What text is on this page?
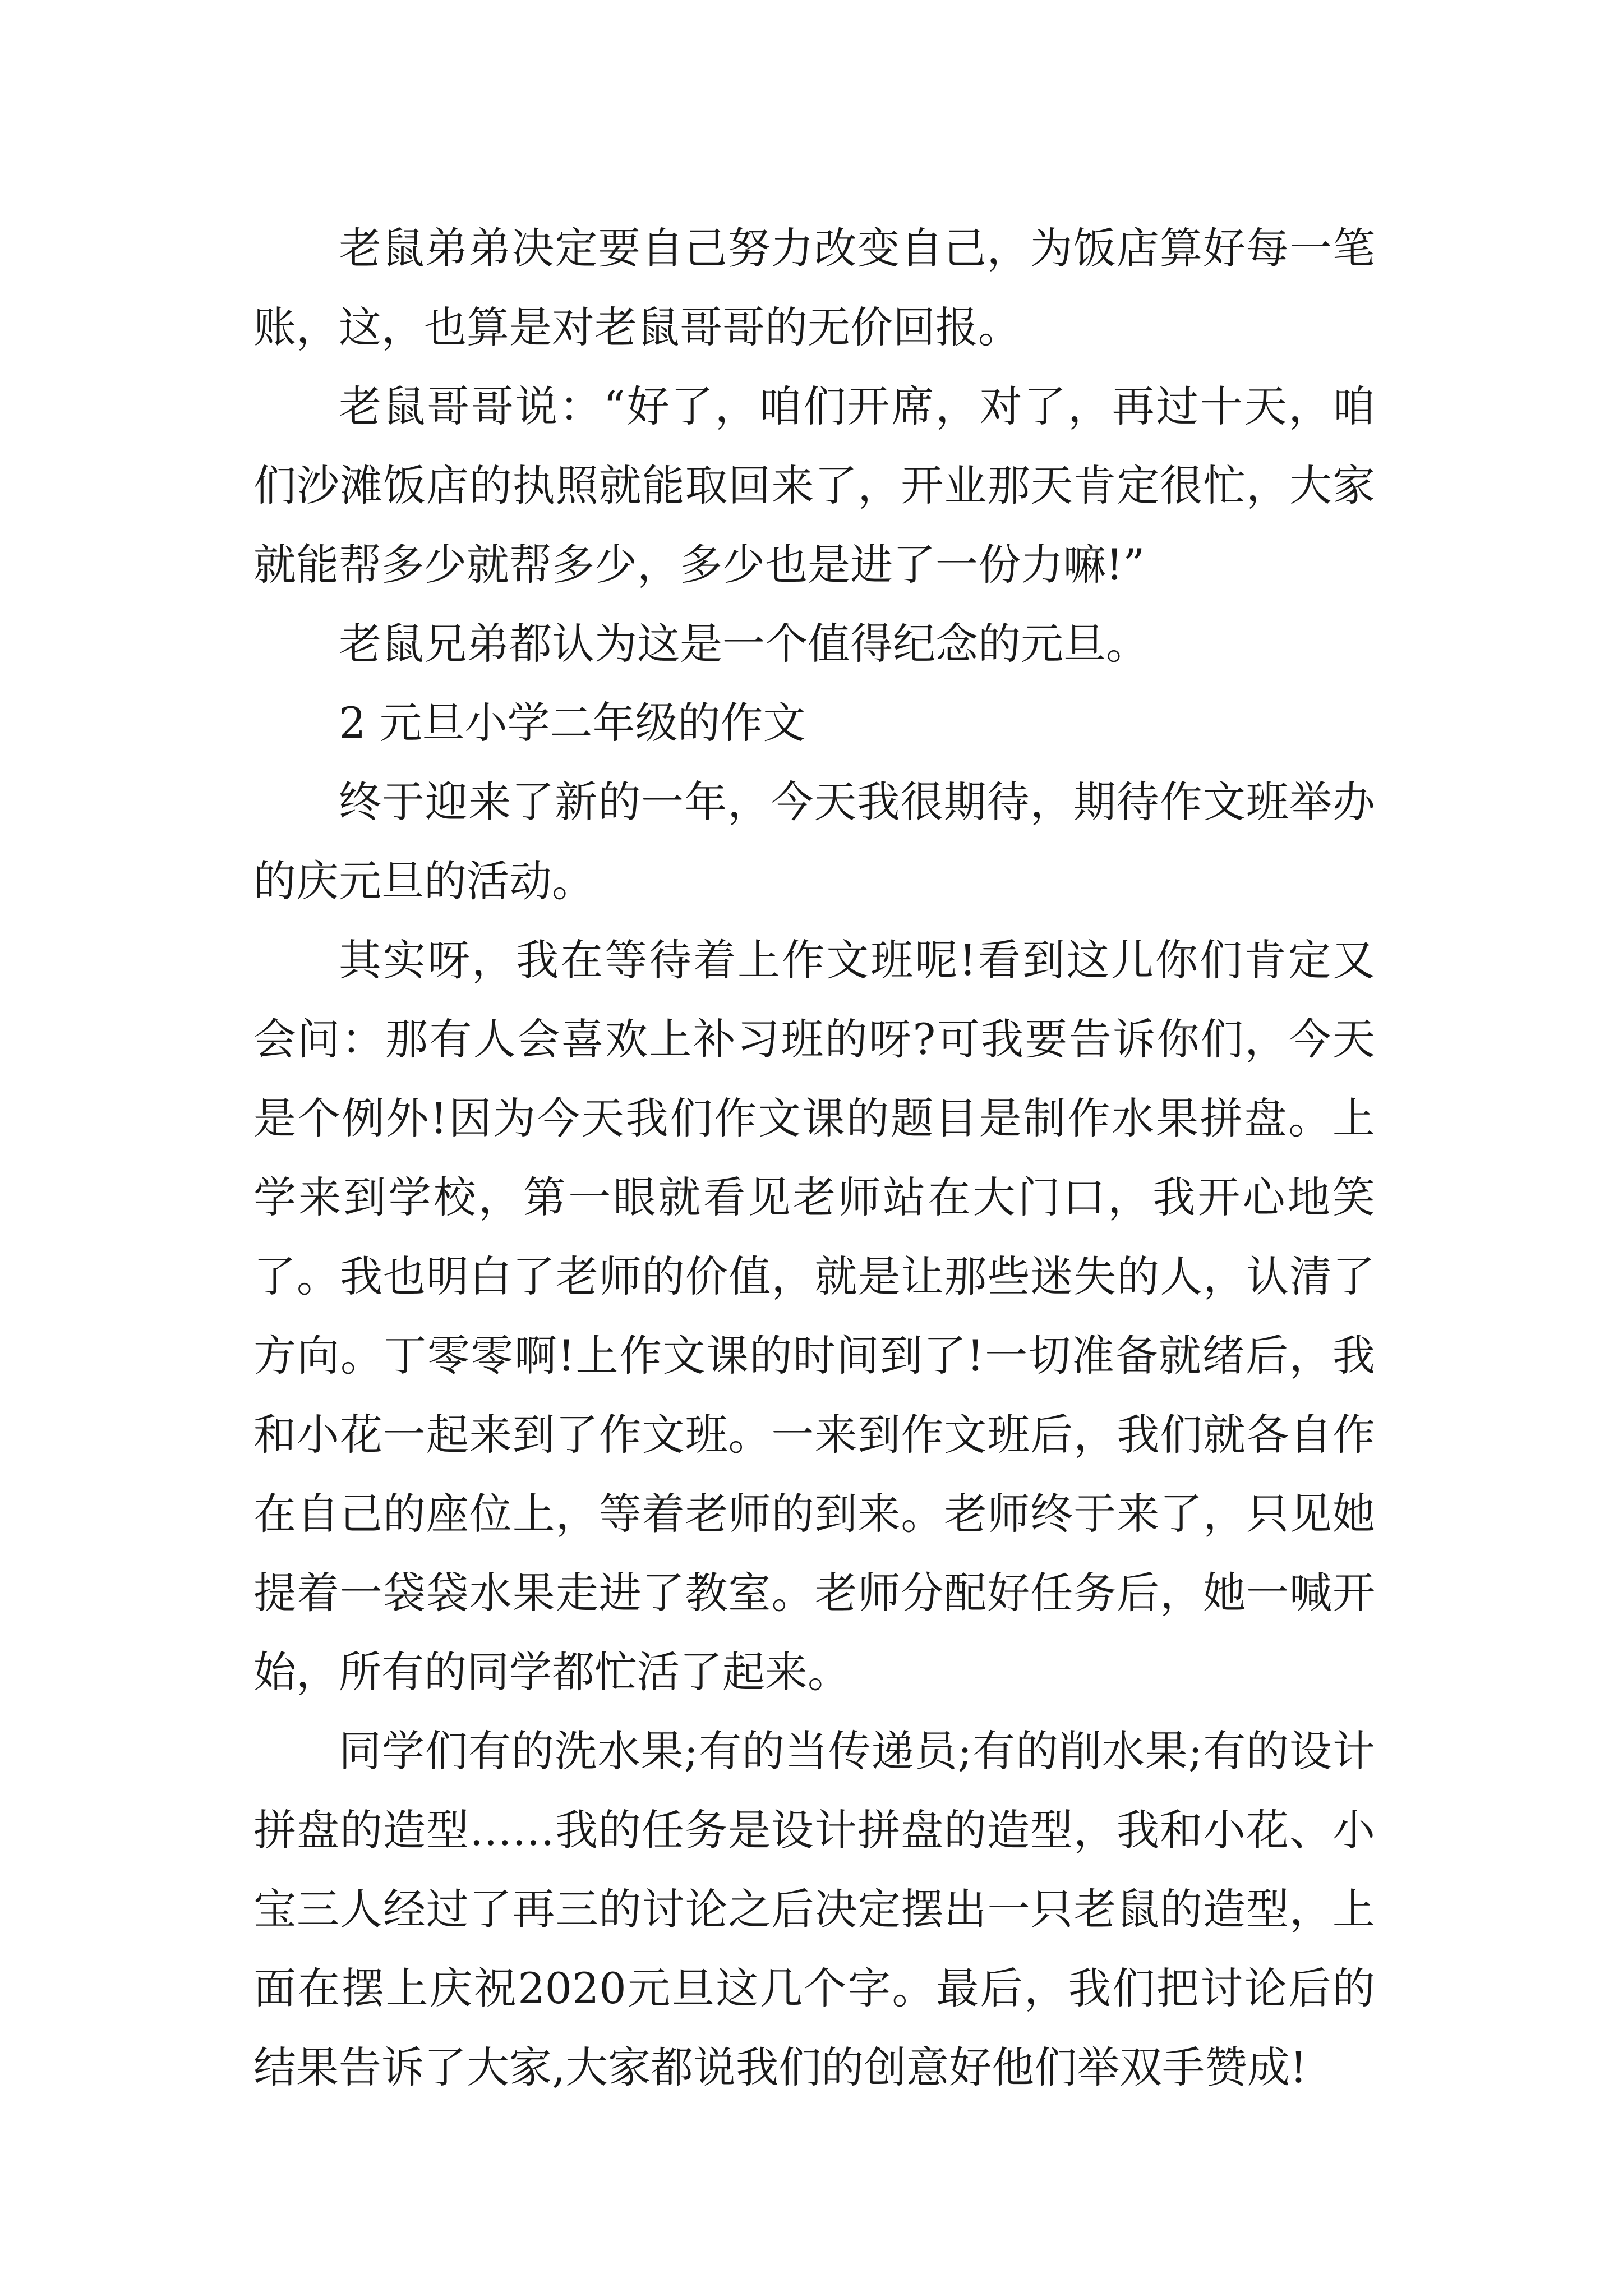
老鼠弟弟决定要自己努力改变自己，为饭店算好每一笔账，这，也算是对老鼠哥哥的无价回报。

老鼠哥哥说：“好了，咱们开席，对了，再过十天，咱们沙滩饭店的执照就能取回来了，开业那天肯定很忙，大家就能帮多少就帮多少，多少也是进了一份力嘛!”

老鼠兄弟都认为这是一个值得纪念的元旦。

2 元旦小学二年级的作文

终于迎来了新的一年，今天我很期待，期待作文班举办的庆元旦的活动。

其实呀，我在等待着上作文班呢!看到这儿你们肯定又会问：那有人会喜欢上补习班的呀?可我要告诉你们，今天是个例外!因为今天我们作文课的题目是制作水果拼盘。上学来到学校，第一眼就看见老师站在大门口，我开心地笑了。我也明白了老师的价值，就是让那些迷失的人，认清了方向。丁零零啊!上作文课的时间到了!一切准备就绪后，我和小花一起来到了作文班。一来到作文班后，我们就各自作在自己的座位上，等着老师的到来。老师终于来了，只见她提着一袋袋水果走进了教室。老师分配好任务后，她一喊开始，所有的同学都忙活了起来。

同学们有的洗水果;有的当传递员;有的削水果;有的设计拼盘的造型……我的任务是设计拼盘的造型，我和小花、小宝三人经过了再三的讨论之后决定摆出一只老鼠的造型，上面在摆上庆祝2020元旦这几个字。最后，我们把讨论后的结果告诉了大家,大家都说我们的创意好他们举双手赞成!
